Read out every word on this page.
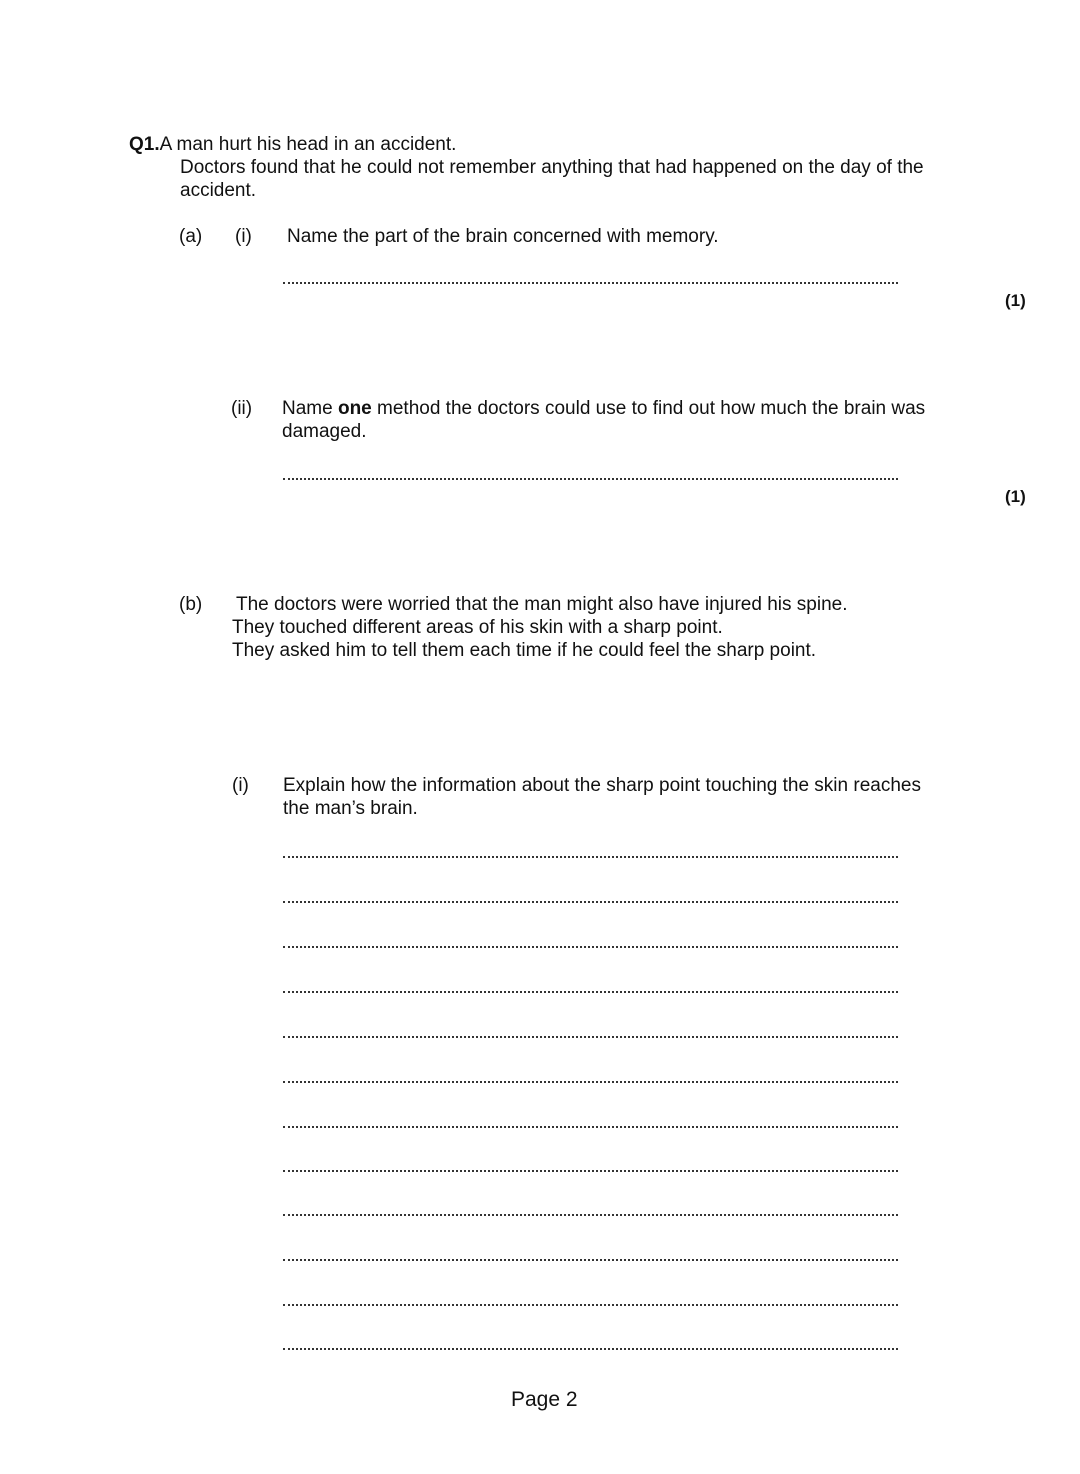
Q1.A man hurt his head in an accident.
Doctors found that he could not remember anything that had happened on the day of the
accident.
(a) (i) Name the part of the brain concerned with memory.
(1)
(ii) Name one method the doctors could use to find out how much the brain was
damaged.
(1)
(b) The doctors were worried that the man might also have injured his spine.
They touched different areas of his skin with a sharp point.
They asked him to tell them each time if he could feel the sharp point.
(i) Explain how the information about the sharp point touching the skin reaches
the man’s brain.
Page 2
